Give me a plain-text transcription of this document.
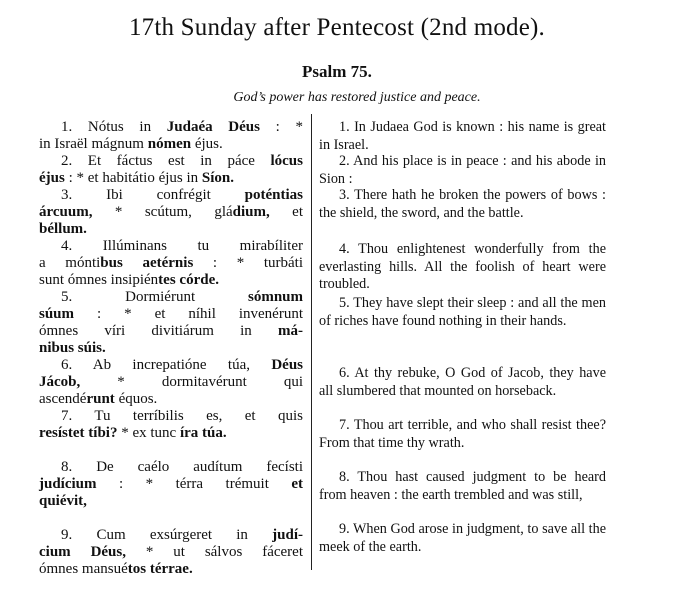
17th Sunday after Pentecost (2nd mode).
Psalm 75.
God’s power has restored justice and peace.
1. Nótus in Judaéa Déus : *
in Israël mágnum nómen éjus.
2. Et fáctus est in páce lócus
éjus : * et habitátio éjus in Síon.
3. Ibi confrégit poténtias
árcuum, * scútum, gládium, et
béllum.
4. Illúminans tu mirabíliter
a móntibus aetérnis : * turbáti
sunt ómnes insipiéntes córde.
5. Dormiérunt sómnum
súum : * et níhil invenérunt
ómnes víri divitiárum in má-
nibus súis.
6. Ab increpatióne túa, Déus
Jácob, * dormitavérunt qui
ascendérunt équos.
7. Tu terríbilis es, et quis
resístet tíbi? * ex tunc íra túa.
8. De caélo audítum fecísti
judícium : * térra trémuit et
quiévit,
9. Cum exsúrgeret in judí-
cium Déus, * ut sálvos fáceret
ómnes mansuétos térrae.
1. In Judaea God is known : his name is great in Israel.
2. And his place is in peace : and his abode in Sion :
3. There hath he broken the powers of bows : the shield, the sword, and the battle.
4. Thou enlightenest wonderfully from the everlasting hills. All the foolish of heart were troubled.
5. They have slept their sleep : and all the men of riches have found nothing in their hands.
6. At thy rebuke, O God of Jacob, they have all slumbered that mounted on horseback.
7. Thou art terrible, and who shall resist thee? From that time thy wrath.
8. Thou hast caused judgment to be heard from heaven : the earth trembled and was still,
9. When God arose in judgment, to save all the meek of the earth.
